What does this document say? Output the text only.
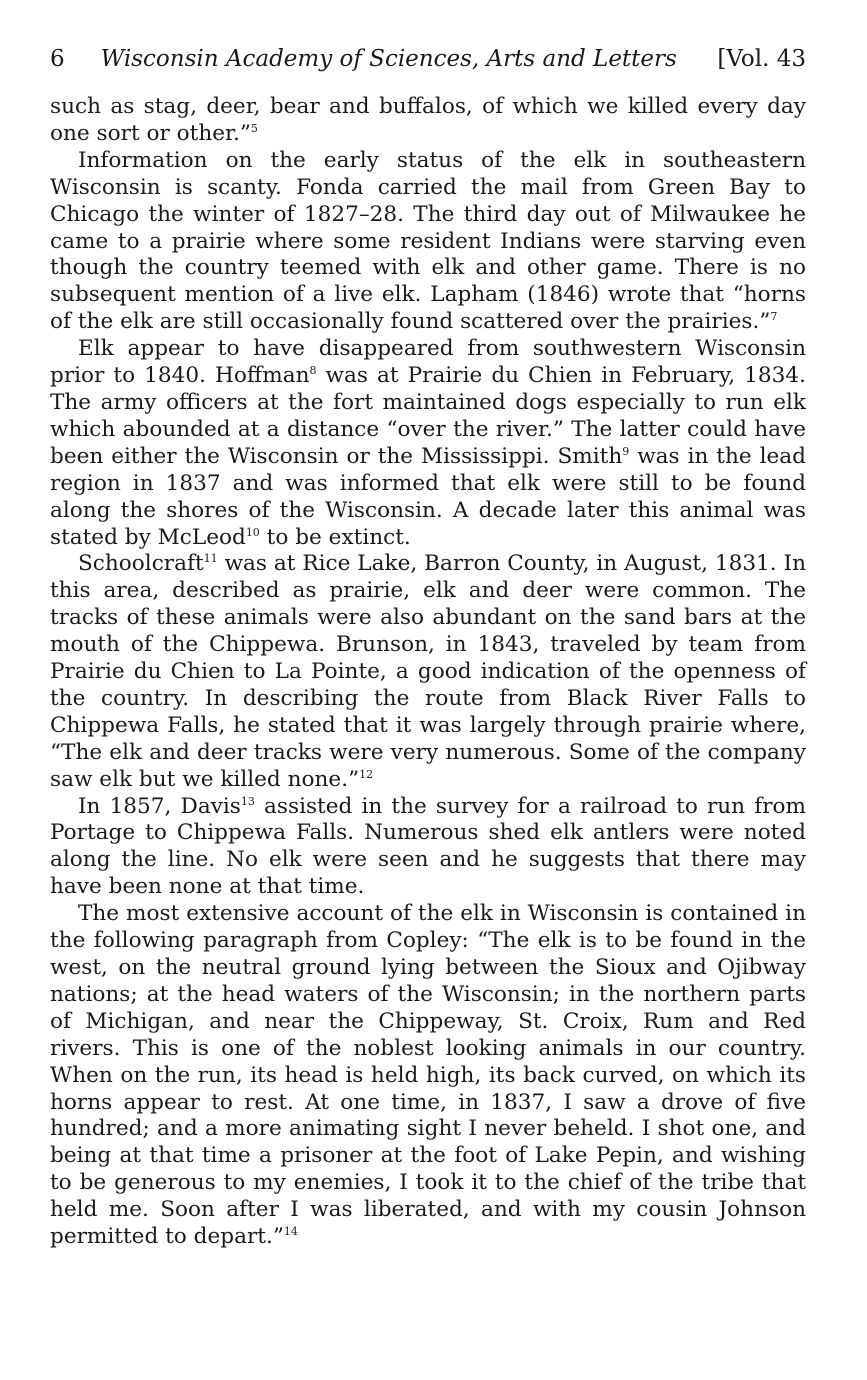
6 Wisconsin Academy of Sciences, Arts and Letters	[Vol. 43

such as stag, deer, bear and buffalos, of which we killed every day one sort or other.”$^5$

Information on the early status of the elk in southeastern Wisconsin is scanty. Fonda carried the mail from Green Bay to Chicago the winter of 1827–28. The third day out of Milwaukee he came to a prairie where some resident Indians were starving even though the country teemed with elk and other game. There is no subsequent mention of a live elk. Lapham (1846) wrote that “horns of the elk are still occasionally found scattered over the prairies.”$^7$

Elk appear to have disappeared from southwestern Wisconsin prior to 1840. Hoffman$^8$ was at Prairie du Chien in February, 1834. The army officers at the fort maintained dogs especially to run elk which abounded at a distance “over the river.” The latter could have been either the Wisconsin or the Mississippi. Smith$^9$ was in the lead region in 1837 and was informed that elk were still to be found along the shores of the Wisconsin. A decade later this animal was stated by McLeod$^{10}$ to be extinct.

Schoolcraft$^{11}$ was at Rice Lake, Barron County, in August, 1831. In this area, described as prairie, elk and deer were common. The tracks of these animals were also abundant on the sand bars at the mouth of the Chippewa. Brunson, in 1843, traveled by team from Prairie du Chien to La Pointe, a good indication of the openness of the country. In describing the route from Black River Falls to Chippewa Falls, he stated that it was largely through prairie where, “The elk and deer tracks were very numerous. Some of the company saw elk but we killed none.”$^{12}$

In 1857, Davis$^{13}$ assisted in the survey for a railroad to run from Portage to Chippewa Falls. Numerous shed elk antlers were noted along the line. No elk were seen and he suggests that there may have been none at that time.

The most extensive account of the elk in Wisconsin is contained in the following paragraph from Copley: “The elk is to be found in the west, on the neutral ground lying between the Sioux and Ojibway nations; at the head waters of the Wisconsin; in the northern parts of Michigan, and near the Chippeway, St. Croix, Rum and Red rivers. This is one of the noblest looking animals in our country. When on the run, its head is held high, its back curved, on which its horns appear to rest. At one time, in 1837, I saw a drove of five hundred; and a more animating sight I never beheld. I shot one, and being at that time a prisoner at the foot of Lake Pepin, and wishing to be generous to my enemies, I took it to the chief of the tribe that held me. Soon after I was liberated, and with my cousin Johnson permitted to depart.”$^{14}$
